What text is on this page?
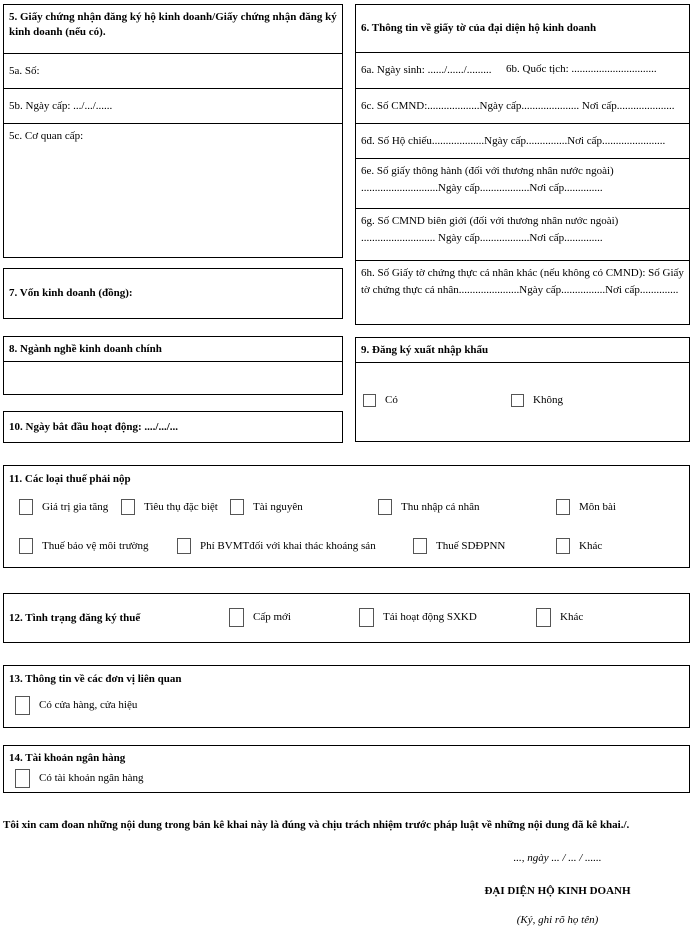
5. Giấy chứng nhận đăng ký hộ kinh doanh/Giấy chứng nhận đăng ký kinh doanh (nếu có).
5a. Số:
5b. Ngày cấp: .../.../......
5c. Cơ quan cấp:
6. Thông tin về giấy tờ của đại diện hộ kinh doanh
6a. Ngày sinh: ....../....../......... 6b. Quốc tịch: ...............................
6c. Số CMND:...................Ngày cấp..................... Nơi cấp.....................
6đ. Số Hộ chiếu...................Ngày cấp...............Nơi cấp.......................
6e. Số giấy thông hành (đối với thương nhân nước ngoài) ............................Ngày cấp..................Nơi cấp..............
6g. Số CMND biên giới (đối với thương nhân nước ngoài) ........................... Ngày cấp..................Nơi cấp..............
6h. Số Giấy tờ chứng thực cá nhân khác (nếu không có CMND): Số Giấy tờ chứng thực cá nhân......................Ngày cấp................Nơi cấp..............
7. Vốn kinh doanh (đồng):
8. Ngành nghề kinh doanh chính	9. Đăng ký xuất nhập khẩu
Có	Không
10. Ngày bắt đầu hoạt động: ..../.../...
11. Các loại thuế phải nộp
Giá trị gia tăng	Tiêu thụ đặc biệt	Tài nguyên	Thu nhập cá nhân	Môn bài
Thuế bảo vệ môi trường	Phí BVMTđối với khai thác khoáng sản	Thuế SDĐPNN	Khác
12. Tình trạng đăng ký thuế	Cấp mới	Tái hoạt động SXKD	Khác
13. Thông tin về các đơn vị liên quan
Có cửa hàng, cửa hiệu
14. Tài khoản ngân hàng
Có tài khoản ngân hàng
Tôi xin cam đoan những nội dung trong bản kê khai này là đúng và chịu trách nhiệm trước pháp luật về những nội dung đã kê khai./.
..., ngày ... / ... / ......
ĐẠI DIỆN HỘ KINH DOANH
(Ký, ghi rõ họ tên)
